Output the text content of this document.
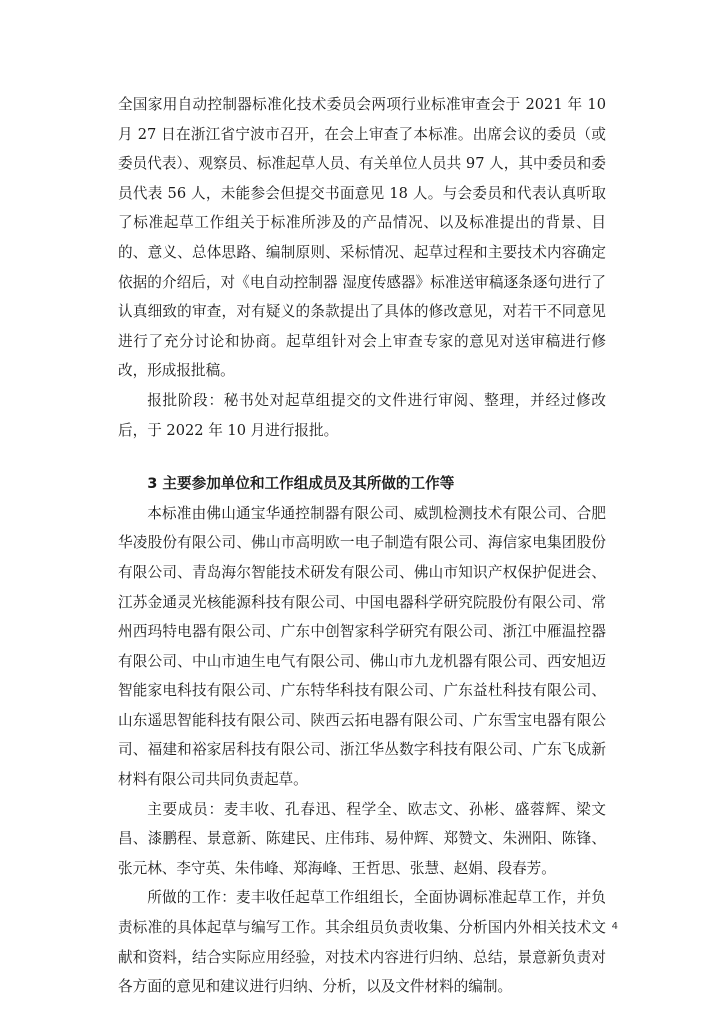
全国家用自动控制器标准化技术委员会两项行业标准审查会于 2021 年 10 月 27 日在浙江省宁波市召开，在会上审查了本标准。出席会议的委员（或委员代表）、观察员、标准起草人员、有关单位人员共 97 人，其中委员和委员代表 56 人，未能参会但提交书面意见 18 人。与会委员和代表认真听取了标准起草工作组关于标准所涉及的产品情况、以及标准提出的背景、目的、意义、总体思路、编制原则、采标情况、起草过程和主要技术内容确定依据的介绍后，对《电自动控制器 湿度传感器》标准送审稿逐条逐句进行了认真细致的审查，对有疑义的条款提出了具体的修改意见，对若干不同意见进行了充分讨论和协商。起草组针对会上审查专家的意见对送审稿进行修改，形成报批稿。

报批阶段：秘书处对起草组提交的文件进行审阅、整理，并经过修改后，于 2022 年 10 月进行报批。

3 主要参加单位和工作组成员及其所做的工作等

本标准由佛山通宝华通控制器有限公司、威凯检测技术有限公司、合肥华凌股份有限公司、佛山市高明欧一电子制造有限公司、海信家电集团股份有限公司、青岛海尔智能技术研发有限公司、佛山市知识产权保护促进会、江苏金通灵光核能源科技有限公司、中国电器科学研究院股份有限公司、常州西玛特电器有限公司、广东中创智家科学研究有限公司、浙江中雁温控器有限公司、中山市迪生电气有限公司、佛山市九龙机器有限公司、西安旭迈智能家电科技有限公司、广东特华科技有限公司、广东益杜科技有限公司、山东遥思智能科技有限公司、陕西云拓电器有限公司、广东雪宝电器有限公司、福建和裕家居科技有限公司、浙江华丛数字科技有限公司、广东飞成新材料有限公司共同负责起草。

主要成员：麦丰收、孔春迅、程学全、欧志文、孙彬、盛蓉辉、梁文昌、漆鹏程、景意新、陈建民、庄伟玮、易仲辉、郑赞文、朱洲阳、陈锋、张元林、李守英、朱伟峰、郑海峰、王哲思、张慧、赵娟、段春芳。

所做的工作：麦丰收任起草工作组组长，全面协调标准起草工作，并负责标准的具体起草与编写工作。其余组员负责收集、分析国内外相关技术文献和资料，结合实际应用经验，对技术内容进行归纳、总结，景意新负责对各方面的意见和建议进行归纳、分析，以及文件材料的编制。

4
